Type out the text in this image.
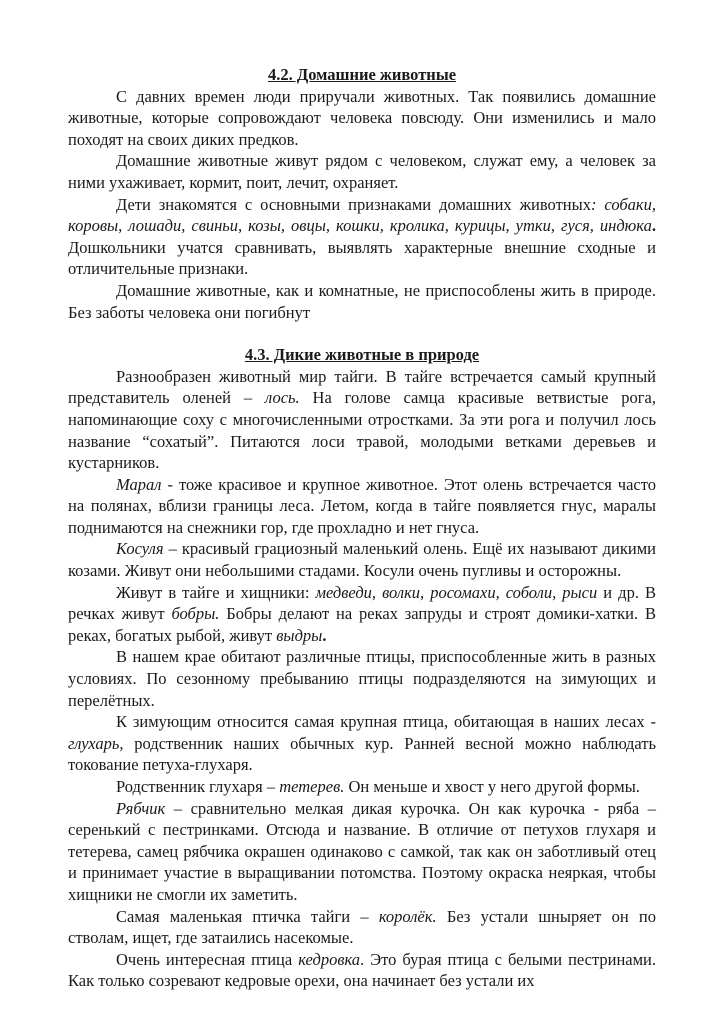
4.2. Домашние животные

С давних времен люди приручали животных. Так появились домашние животные, которые сопровождают человека повсюду. Они изменились и мало походят на своих диких предков.

Домашние животные живут рядом с человеком, служат ему, а человек за ними ухаживает, кормит, поит, лечит, охраняет.

Дети знакомятся с основными признаками домашних животных: собаки, коровы, лошади, свиньи, козы, овцы, кошки, кролика, курицы, утки, гуся, индюка. Дошкольники учатся сравнивать, выявлять характерные внешние сходные и отличительные признаки.

Домашние животные, как и комнатные, не приспособлены жить в природе. Без заботы человека они погибнут

4.3. Дикие животные в природе

Разнообразен животный мир тайги. В тайге встречается самый крупный представитель оленей – лось. На голове самца красивые ветвистые рога, напоминающие соху с многочисленными отростками. За эти рога и получил лось название “сохатый”. Питаются лоси травой, молодыми ветками деревьев и кустарников.

Марал - тоже красивое и крупное животное. Этот олень встречается часто на полянах, вблизи границы леса. Летом, когда в тайге появляется гнус, маралы поднимаются на снежники гор, где прохладно и нет гнуса.

Косуля – красивый грациозный маленький олень. Ещё их называют дикими козами. Живут они небольшими стадами. Косули очень пугливы и осторожны.

Живут в тайге и хищники: медведи, волки, росомахи, соболи, рыси и др. В речках живут бобры. Бобры делают на реках запруды и строят домики-хатки. В реках, богатых рыбой, живут выдры.

В нашем крае обитают различные птицы, приспособленные жить в разных условиях. По сезонному пребыванию птицы подразделяются на зимующих и перелётных.

К зимующим относится самая крупная птица, обитающая в наших лесах - глухарь, родственник наших обычных кур. Ранней весной можно наблюдать токование петуха-глухаря.

Родственник глухаря – тетерев. Он меньше и хвост у него другой формы.

Рябчик – сравнительно мелкая дикая курочка. Он как курочка - ряба – серенький с пестринками. Отсюда и название. В отличие от петухов глухаря и тетерева, самец рябчика окрашен одинаково с самкой, так как он заботливый отец и принимает участие в выращивании потомства. Поэтому окраска неяркая, чтобы хищники не смогли их заметить.

Самая маленькая птичка тайги – королёк. Без устали шныряет он по стволам, ищет, где затаились насекомые.

Очень интересная птица кедровка. Это бурая птица с белыми пестринами. Как только созревают кедровые орехи, она начинает без устали их
